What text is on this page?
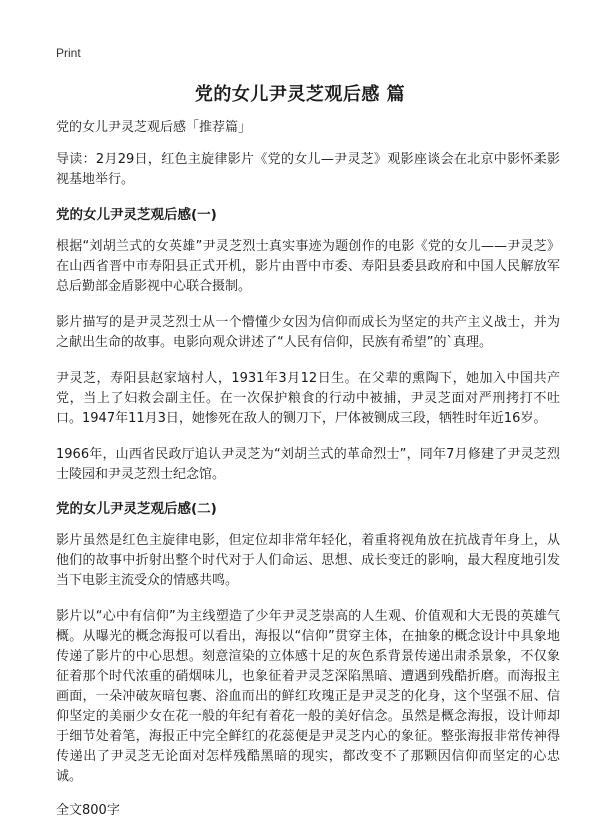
Print
党的女儿尹灵芝观后感 篇

党的女儿尹灵芝观后感「推荐篇」

导读：2月29日，红色主旋律影片《党的女儿—尹灵芝》观影座谈会在北京中影怀柔影视基地举行。

党的女儿尹灵芝观后感(一)

根据“刘胡兰式的女英雄”尹灵芝烈士真实事迹为题创作的电影《党的女儿——尹灵芝》在山西省晋中市寿阳县正式开机，影片由晋中市委、寿阳县委县政府和中国人民解放军总后勤部金盾影视中心联合摄制。

影片描写的是尹灵芝烈士从一个懵懂少女因为信仰而成长为坚定的共产主义战士，并为之献出生命的故事。电影向观众讲述了“人民有信仰，民族有希望”的`真理。

尹灵芝，寿阳县赵家垴村人，1931年3月12日生。在父辈的熏陶下，她加入中国共产党，当上了妇救会副主任。在一次保护粮食的行动中被捕，尹灵芝面对严刑拷打不吐口。1947年11月3日，她惨死在敌人的铡刀下，尸体被铡成三段，牺牲时年近16岁。

1966年，山西省民政厅追认尹灵芝为“刘胡兰式的革命烈士”，同年7月修建了尹灵芝烈士陵园和尹灵芝烈士纪念馆。

党的女儿尹灵芝观后感(二)

影片虽然是红色主旋律电影，但定位却非常年轻化，着重将视角放在抗战青年身上，从他们的故事中折射出整个时代对于人们命运、思想、成长变迁的影响，最大程度地引发当下电影主流受众的情感共鸣。

影片以“心中有信仰”为主线塑造了少年尹灵芝崇高的人生观、价值观和大无畏的英雄气概。从曝光的概念海报可以看出，海报以“信仰”贯穿主体，在抽象的概念设计中具象地传递了影片的中心思想。刻意渲染的立体感十足的灰色系背景传递出肃杀景象，不仅象征着那个时代浓重的硝烟味儿，也象征着尹灵芝深陷黑暗、遭遇到残酷折磨。而海报主画面，一朵冲破灰暗包裹、浴血而出的鲜红玫瑰正是尹灵芝的化身，这个坚强不屈、信仰坚定的美丽少女在花一般的年纪有着花一般的美好信念。虽然是概念海报，设计师却于细节处着笔，海报正中完全鲜红的花蕊便是尹灵芝内心的象征。整张海报非常传神得传递出了尹灵芝无论面对怎样残酷黑暗的现实，都改变不了那颗因信仰而坚定的心忠诚。

全文800字
